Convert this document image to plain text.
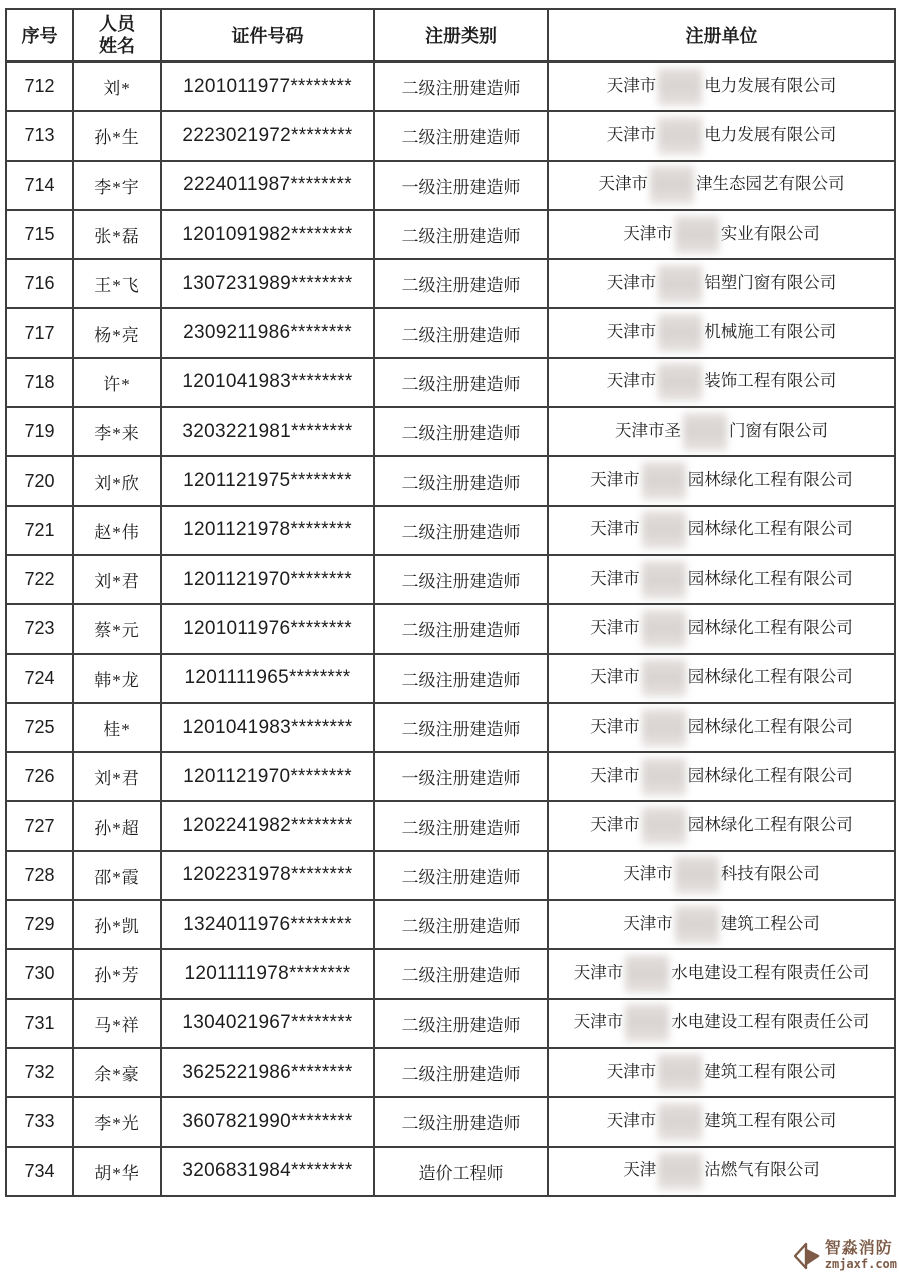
序号	人员姓名	证件号码	注册类别	注册单位
712	刘*	1201011977********	二级注册建造师	天津市 电力发展有限公司
713	孙*生	2223021972********	二级注册建造师	天津市 电力发展有限公司
714	李*宇	2224011987********	一级注册建造师	天津市 津生态园艺有限公司
715	张*磊	1201091982********	二级注册建造师	天津市 实业有限公司
716	王*飞	1307231989********	二级注册建造师	天津市 铝塑门窗有限公司
717	杨*亮	2309211986********	二级注册建造师	天津市 机械施工有限公司
718	许*	1201041983********	二级注册建造师	天津市 装饰工程有限公司
719	李*来	3203221981********	二级注册建造师	天津市圣 门窗有限公司
720	刘*欣	1201121975********	二级注册建造师	天津市 园林绿化工程有限公司
721	赵*伟	1201121978********	二级注册建造师	天津市 园林绿化工程有限公司
722	刘*君	1201121970********	二级注册建造师	天津市 园林绿化工程有限公司
723	蔡*元	1201011976********	二级注册建造师	天津市 园林绿化工程有限公司
724	韩*龙	1201111965********	二级注册建造师	天津市 园林绿化工程有限公司
725	桂*	1201041983********	二级注册建造师	天津市 园林绿化工程有限公司
726	刘*君	1201121970********	一级注册建造师	天津市 园林绿化工程有限公司
727	孙*超	1202241982********	二级注册建造师	天津市 园林绿化工程有限公司
728	邵*霞	1202231978********	二级注册建造师	天津市 科技有限公司
729	孙*凯	1324011976********	二级注册建造师	天津市 建筑工程公司
730	孙*芳	1201111978********	二级注册建造师	天津市 水电建设工程有限责任公司
731	马*祥	1304021967********	二级注册建造师	天津市 水电建设工程有限责任公司
732	余*豪	3625221986********	二级注册建造师	天津市 建筑工程有限公司
733	李*光	3607821990********	二级注册建造师	天津市 建筑工程有限公司
734	胡*华	3206831984********	造价工程师	天津 沽燃气有限公司
智淼消防
zmjaxf.com
